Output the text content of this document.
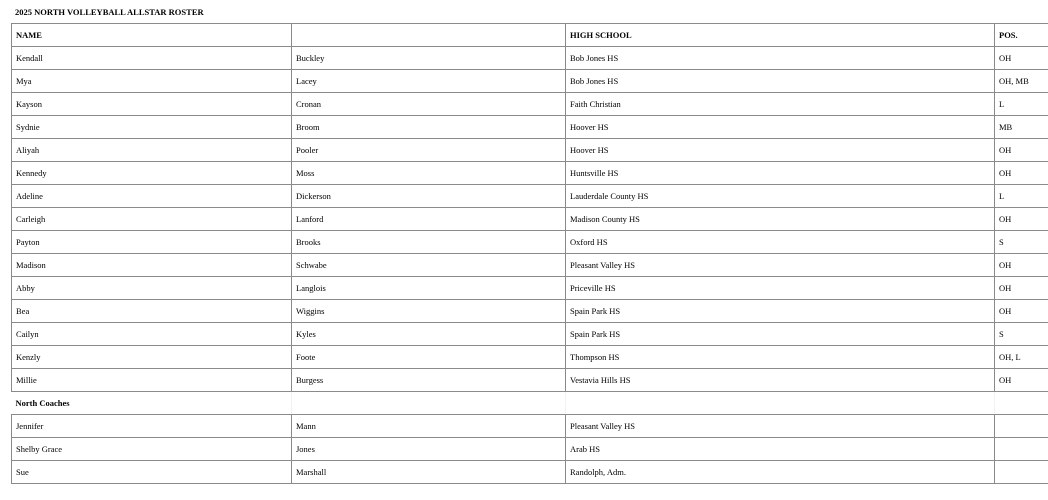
2025 NORTH VOLLEYBALL ALLSTAR ROSTER
NAME		HIGH SCHOOL	POS.
Kendall	Buckley	Bob Jones HS	OH
Mya	Lacey	Bob Jones HS	OH, MB
Kayson	Cronan	Faith Christian	L
Sydnie	Broom	Hoover HS	MB
Aliyah	Pooler	Hoover HS	OH
Kennedy	Moss	Huntsville HS	OH
Adeline	Dickerson	Lauderdale County HS	L
Carleigh	Lanford	Madison County HS	OH
Payton	Brooks	Oxford HS	S
Madison	Schwabe	Pleasant Valley HS	OH
Abby	Langlois	Priceville HS	OH
Bea	Wiggins	Spain Park HS	OH
Cailyn	Kyles	Spain Park HS	S
Kenzly	Foote	Thompson HS	OH, L
Millie	Burgess	Vestavia Hills HS	OH
North Coaches			
Jennifer	Mann	Pleasant Valley HS	
Shelby Grace	Jones	Arab HS	
Sue	Marshall	Randolph, Adm.	
